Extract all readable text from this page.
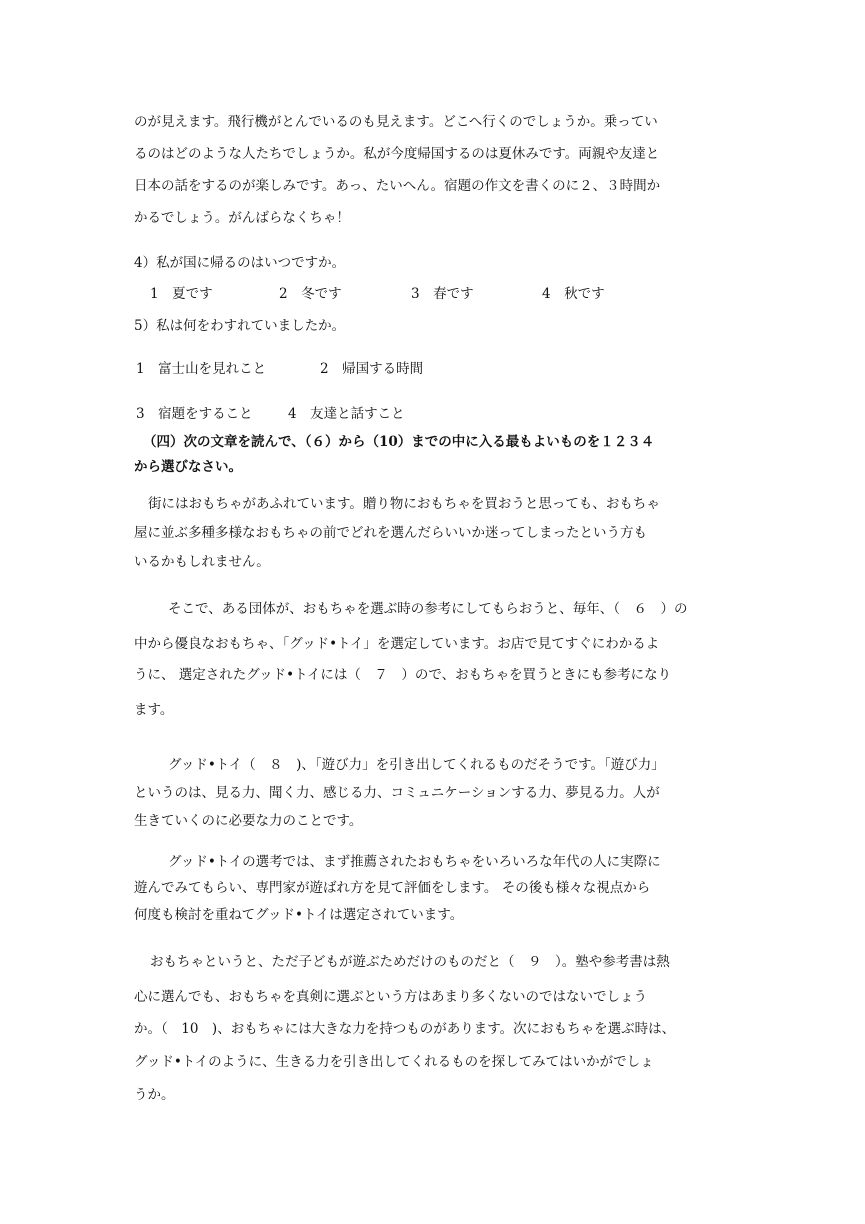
のが見えます。飛行機がとんでいるのも見えます。どこへ行くのでしょうか。乗ってい
るのはどのような人たちでしょうか。私が今度帰国するのは夏休みです。両親や友達と
日本の話をするのが楽しみです。あっ、たいへん。宿題の作文を書くのに２、３時間か
かるでしょう。がんばらなくちゃ！
4）私が国に帰るのはいつですか。
1　夏です	2　冬です	3　春です	4　秋です
5）私は何をわすれていましたか。
1　富士山を見れこと	2　帰国する時間
3　宿題をすること	4　友達と話すこと
（四）次の文章を読んで、（６）から（10）までの中に入る最もよいものを１２３４
から選びなさい。
街にはおもちゃがあふれています。贈り物におもちゃを買おうと思っても、おもちゃ
屋に並ぶ多種多様なおもちゃの前でどれを選んだらいいか迷ってしまったという方も
いるかもしれません。
そこで、ある団体が、おもちゃを選ぶ時の参考にしてもらおうと、毎年、（　６　）の
中から優良なおもちゃ、「グッド•トイ」を選定しています。お店で見てすぐにわかるよ
うに、 選定されたグッド•トイには（　７　）ので、おもちゃを買うときにも参考になり
ます。
グッド•トイ（　８　)、「遊び力」を引き出してくれるものだそうです。「遊び力」
というのは、見る力、聞く力、感じる力、コミュニケーションする力、夢見る力。人が
生きていくのに必要な力のことです。
グッド•トイの選考では、まず推薦されたおもちゃをいろいろな年代の人に実際に
遊んでみてもらい、専門家が遊ばれ方を見て評価をします。 その後も様々な視点から
何度も検討を重ねてグッド•トイは選定されています。
おもちゃというと、ただ子どもが遊ぶためだけのものだと（　９　）。塾や参考書は熱
心に選んでも、おもちゃを真剣に選ぶという方はあまり多くないのではないでしょう
か。（　10　)、おもちゃには大きな力を持つものがあります。次におもちゃを選ぶ時は、
グッド•トイのように、生きる力を引き出してくれるものを探してみてはいかがでしょ
うか。
